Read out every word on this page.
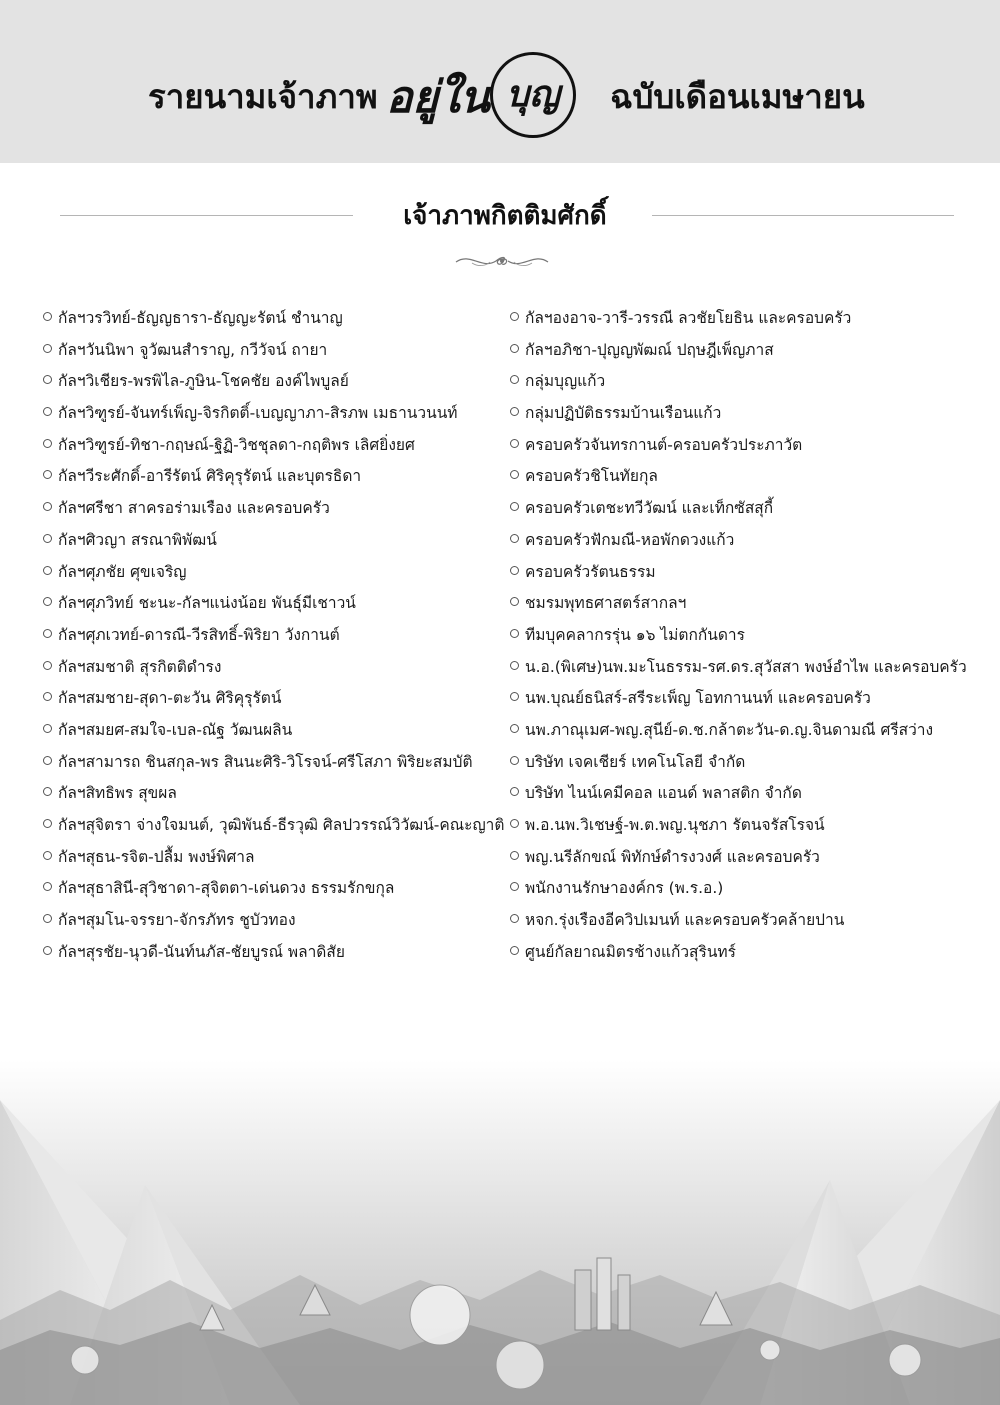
รายนามเจ้าภาพ อยู่ใน บุญ	ฉบับเดือนเมษายน
เจ้าภาพกิตติมศักดิ์
กัลฯวรวิทย์-ธัญญธารา-ธัญญะรัตน์ ชำนาญ
กัลฯวันนิพา จูวัฒนสำราญ, กวีวัจน์ ถายา
กัลฯวิเชียร-พรพิไล-ภูษิน-โชคชัย องค์ไพบูลย์
กัลฯวิฑูรย์-จันทร์เพ็ญ-จิรกิตติ์-เบญญาภา-สิรภพ เมธานวนนท์
กัลฯวิฑูรย์-ทิชา-กฤษณ์-ฐิฏิ-วิชชุลดา-กฤติพร เลิศยิ่งยศ
กัลฯวีระศักดิ์-อารีรัตน์ ศิริคุรุรัตน์ และบุตรธิดา
กัลฯศรีชา สาครอร่ามเรือง และครอบครัว
กัลฯศิวญา สรณาพิพัฒน์
กัลฯศุภชัย ศุขเจริญ
กัลฯศุภวิทย์ ชะนะ-กัลฯแน่งน้อย พันธุ์มีเชาวน์
กัลฯศุภเวทย์-ดารณี-วีรสิทธิ์-พิริยา วังกานต์
กัลฯสมชาติ สุรกิตติดำรง
กัลฯสมชาย-สุดา-ตะวัน ศิริคุรุรัตน์
กัลฯสมยศ-สมใจ-เบล-ณัฐ วัฒนผลิน
กัลฯสามารถ ชินสกุล-พร สินนะศิริ-วิโรจน์-ศรีโสภา พิริยะสมบัติ
กัลฯสิทธิพร สุขผล
กัลฯสุจิตรา จ่างใจมนต์, วุฒิพันธ์-ธีรวุฒิ ศิลปวรรณ์วิวัฒน์-คณะญาติ
กัลฯสุธน-รจิต-ปลื้ม พงษ์พิศาล
กัลฯสุธาสินี-สุวิชาดา-สุจิตตา-เด่นดวง ธรรมรักขกุล
กัลฯสุมโน-จรรยา-จักรภัทร ชูบัวทอง
กัลฯสุรชัย-นุวดี-นันท์นภัส-ชัยบูรณ์ พลาดิสัย
กัลฯองอาจ-วารี-วรรณี ลวชัยโยธิน และครอบครัว
กัลฯอภิชา-ปุญญพัฒณ์ ปฤษฎีเพ็ญภาส
กลุ่มบุญแก้ว
กลุ่มปฏิบัติธรรมบ้านเรือนแก้ว
ครอบครัวจันทรกานต์-ครอบครัวประภาวัต
ครอบครัวชิโนทัยกุล
ครอบครัวเตชะทวีวัฒน์ และเท็กซัสสุกี้
ครอบครัวฟักมณี-หอพักดวงแก้ว
ครอบครัวรัตนธรรม
ชมรมพุทธศาสตร์สากลฯ
ทีมบุคคลากรรุ่น ๑๖ ไม่ตกกันดาร
น.อ.(พิเศษ)นพ.มะโนธรรม-รศ.ดร.สุวัสสา พงษ์อำไพ และครอบครัว
นพ.บุณย์ธนิสร์-สรีระเพ็ญ โอทกานนท์ และครอบครัว
นพ.ภาณุเมศ-พญ.สุนีย์-ด.ช.กล้าตะวัน-ด.ญ.จินดามณี ศรีสว่าง
บริษัท เจคเชียร์ เทคโนโลยี จำกัด
บริษัท ไนน์เคมีคอล แอนด์ พลาสติก จำกัด
พ.อ.นพ.วิเชษฐ์-พ.ต.พญ.นุชภา รัตนจรัสโรจน์
พญ.นรีลักขณ์ พิทักษ์ดำรงวงศ์ และครอบครัว
พนักงานรักษาองค์กร (พ.ร.อ.)
หจก.รุ่งเรืองอีควิปเมนท์ และครอบครัวคล้ายปาน
ศูนย์กัลยาณมิตรช้างแก้วสุรินทร์
